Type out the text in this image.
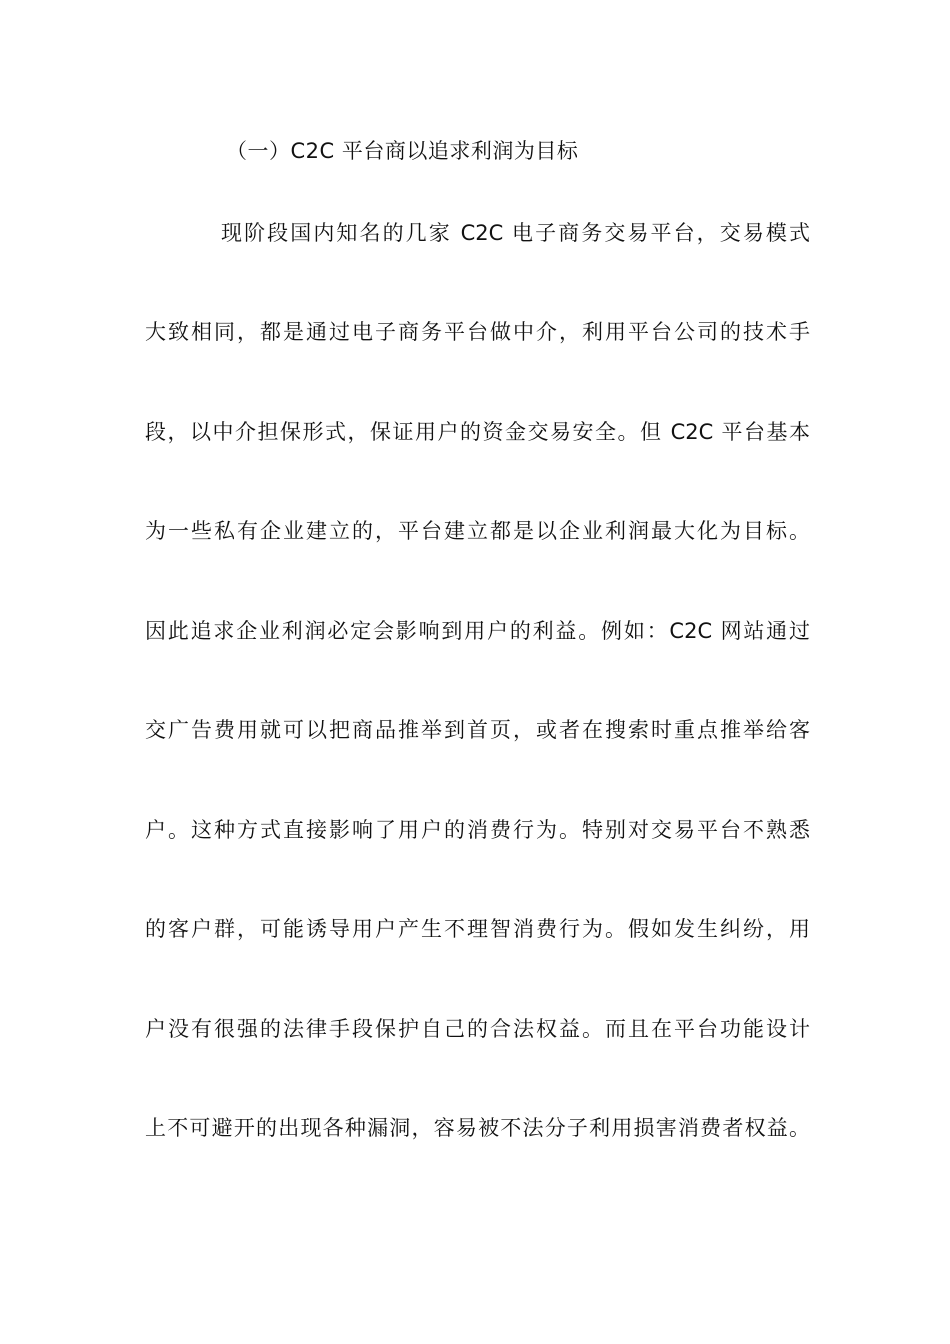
（一）C2C 平台商以追求利润为目标
现阶段国内知名的几家 C2C 电子商务交易平台，交易模式
大致相同，都是通过电子商务平台做中介，利用平台公司的技术手
段，以中介担保形式，保证用户的资金交易安全。但 C2C 平台基本
为一些私有企业建立的，平台建立都是以企业利润最大化为目标。
因此追求企业利润必定会影响到用户的利益。例如：C2C 网站通过
交广告费用就可以把商品推举到首页，或者在搜索时重点推举给客
户。这种方式直接影响了用户的消费行为。特别对交易平台不熟悉
的客户群，可能诱导用户产生不理智消费行为。假如发生纠纷，用
户没有很强的法律手段保护自己的合法权益。而且在平台功能设计
上不可避开的出现各种漏洞，容易被不法分子利用损害消费者权益。
